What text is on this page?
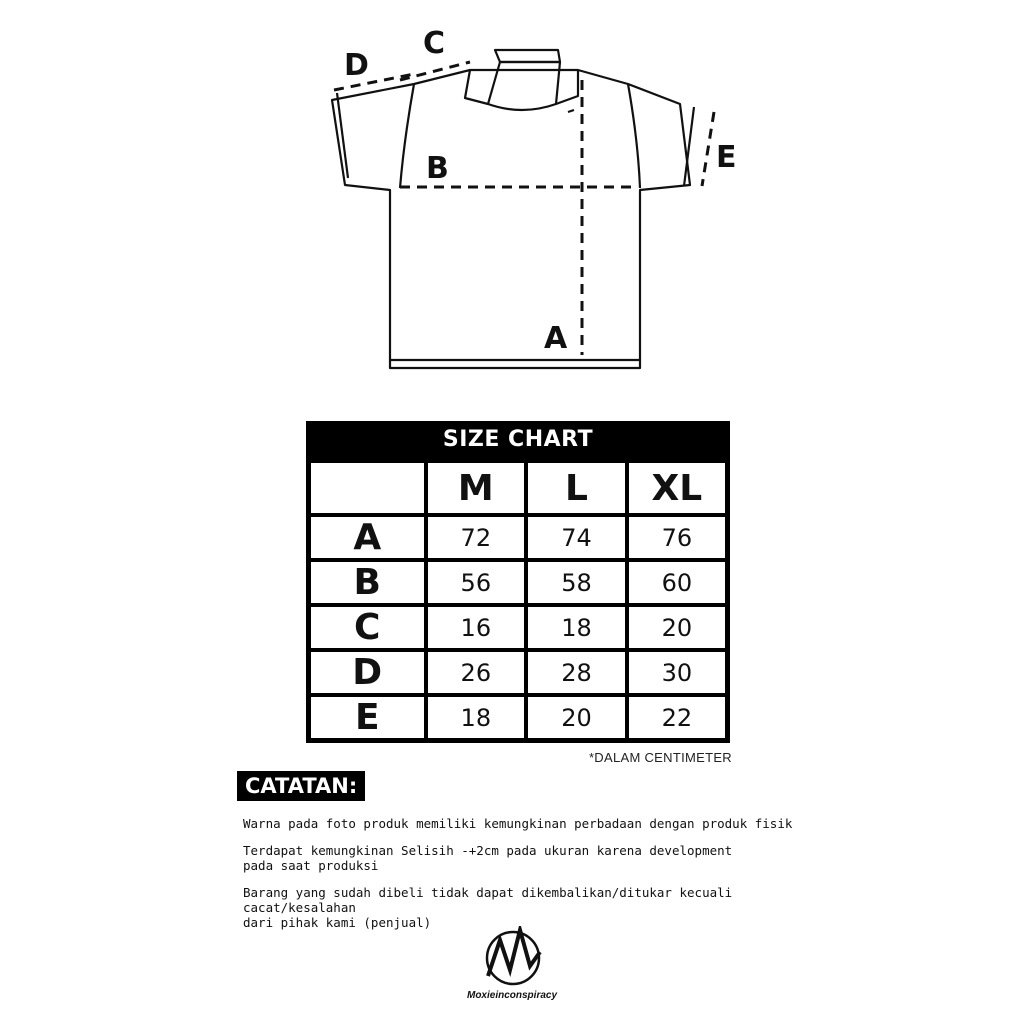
A
B
C
D
E
SIZE CHART
	M	L	XL
A	72	74	76
B	56	58	60
C	16	18	20
D	26	28	30
E	18	20	22
*DALAM CENTIMETER
CATATAN:
Warna pada foto produk memiliki kemungkinan perbadaan dengan produk fisik
Terdapat kemungkinan Selisih -+2cm pada ukuran karena development
pada saat produksi
Barang yang sudah dibeli tidak dapat dikembalikan/ditukar kecuali cacat/kesalahan
dari pihak kami (penjual)
Moxieinconspiracy
